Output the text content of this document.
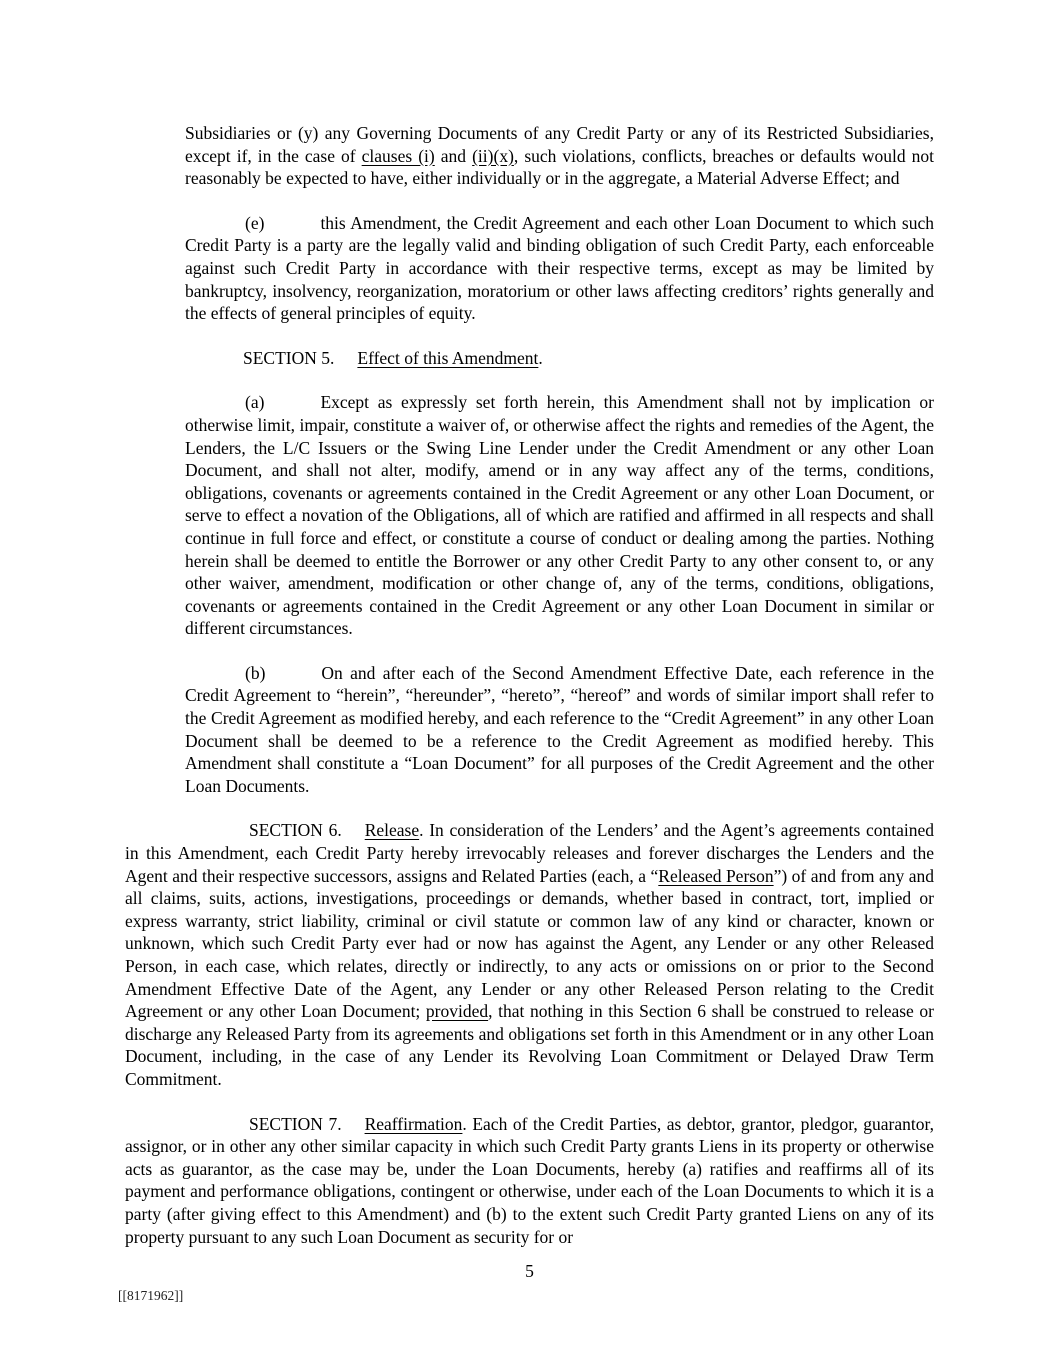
Subsidiaries or (y) any Governing Documents of any Credit Party or any of its Restricted Subsidiaries, except if, in the case of clauses (i) and (ii)(x), such violations, conflicts, breaches or defaults would not reasonably be expected to have, either individually or in the aggregate, a Material Adverse Effect; and

(e)	this Amendment, the Credit Agreement and each other Loan Document to which such Credit Party is a party are the legally valid and binding obligation of such Credit Party, each enforceable against such Credit Party in accordance with their respective terms, except as may be limited by bankruptcy, insolvency, reorganization, moratorium or other laws affecting creditors’ rights generally and the effects of general principles of equity.

SECTION 5. Effect of this Amendment.

(a)	Except as expressly set forth herein, this Amendment shall not by implication or otherwise limit, impair, constitute a waiver of, or otherwise affect the rights and remedies of the Agent, the Lenders, the L/C Issuers or the Swing Line Lender under the Credit Amendment or any other Loan Document, and shall not alter, modify, amend or in any way affect any of the terms, conditions, obligations, covenants or agreements contained in the Credit Agreement or any other Loan Document, or serve to effect a novation of the Obligations, all of which are ratified and affirmed in all respects and shall continue in full force and effect, or constitute a course of conduct or dealing among the parties. Nothing herein shall be deemed to entitle the Borrower or any other Credit Party to any other consent to, or any other waiver, amendment, modification or other change of, any of the terms, conditions, obligations, covenants or agreements contained in the Credit Agreement or any other Loan Document in similar or different circumstances.

(b)	On and after each of the Second Amendment Effective Date, each reference in the Credit Agreement to “herein”, “hereunder”, “hereto”, “hereof” and words of similar import shall refer to the Credit Agreement as modified hereby, and each reference to the “Credit Agreement” in any other Loan Document shall be deemed to be a reference to the Credit Agreement as modified hereby. This Amendment shall constitute a “Loan Document” for all purposes of the Credit Agreement and the other Loan Documents.

SECTION 6. Release. In consideration of the Lenders’ and the Agent’s agreements contained in this Amendment, each Credit Party hereby irrevocably releases and forever discharges the Lenders and the Agent and their respective successors, assigns and Related Parties (each, a “Released Person”) of and from any and all claims, suits, actions, investigations, proceedings or demands, whether based in contract, tort, implied or express warranty, strict liability, criminal or civil statute or common law of any kind or character, known or unknown, which such Credit Party ever had or now has against the Agent, any Lender or any other Released Person, in each case, which relates, directly or indirectly, to any acts or omissions on or prior to the Second Amendment Effective Date of the Agent, any Lender or any other Released Person relating to the Credit Agreement or any other Loan Document; provided, that nothing in this Section 6 shall be construed to release or discharge any Released Party from its agreements and obligations set forth in this Amendment or in any other Loan Document, including, in the case of any Lender its Revolving Loan Commitment or Delayed Draw Term Commitment.

SECTION 7. Reaffirmation. Each of the Credit Parties, as debtor, grantor, pledgor, guarantor, assignor, or in other any other similar capacity in which such Credit Party grants Liens in its property or otherwise acts as guarantor, as the case may be, under the Loan Documents, hereby (a) ratifies and reaffirms all of its payment and performance obligations, contingent or otherwise, under each of the Loan Documents to which it is a party (after giving effect to this Amendment) and (b) to the extent such Credit Party granted Liens on any of its property pursuant to any such Loan Document as security for or

5
[[8171962]]
